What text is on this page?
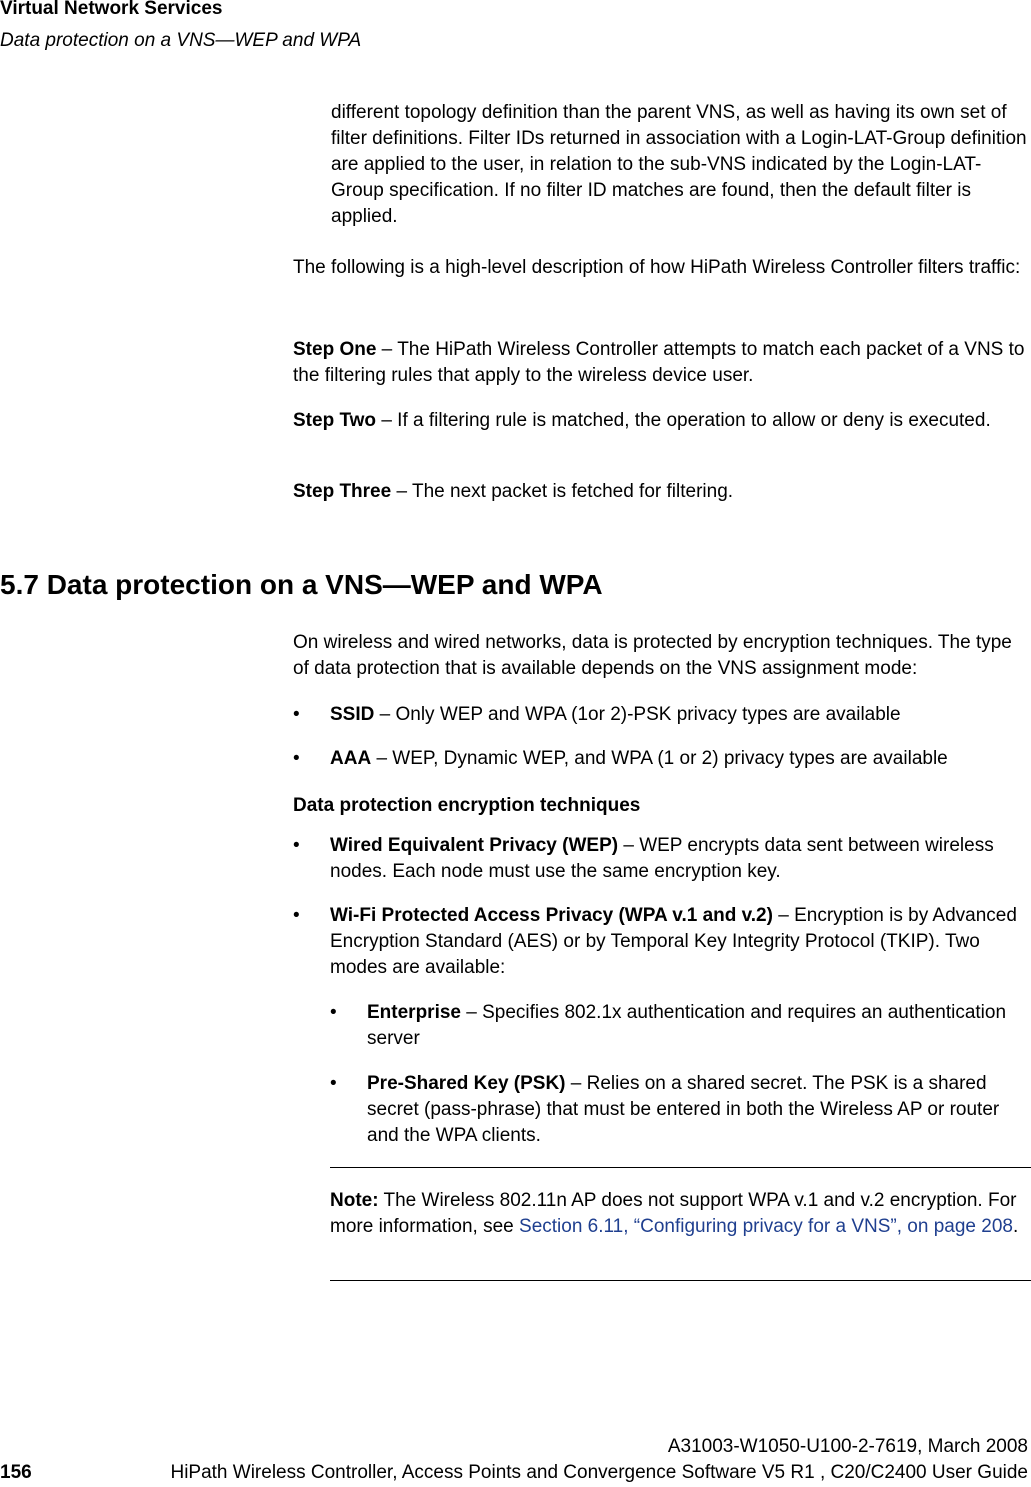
Virtual Network Services
Data protection on a VNS—WEP and WPA

different topology definition than the parent VNS, as well as having its own set of filter definitions. Filter IDs returned in association with a Login-LAT-Group definition are applied to the user, in relation to the sub-VNS indicated by the Login-LAT-Group specification. If no filter ID matches are found, then the default filter is applied.

The following is a high-level description of how HiPath Wireless Controller filters traffic:

Step One – The HiPath Wireless Controller attempts to match each packet of a VNS to the filtering rules that apply to the wireless device user.

Step Two – If a filtering rule is matched, the operation to allow or deny is executed.

Step Three – The next packet is fetched for filtering.

5.7 Data protection on a VNS—WEP and WPA

On wireless and wired networks, data is protected by encryption techniques. The type of data protection that is available depends on the VNS assignment mode:

• SSID – Only WEP and WPA (1or 2)-PSK privacy types are available

• AAA – WEP, Dynamic WEP, and WPA (1 or 2) privacy types are available

Data protection encryption techniques
• Wired Equivalent Privacy (WEP) – WEP encrypts data sent between wireless nodes. Each node must use the same encryption key.

• Wi-Fi Protected Access Privacy (WPA v.1 and v.2) – Encryption is by Advanced Encryption Standard (AES) or by Temporal Key Integrity Protocol (TKIP). Two modes are available:

• Enterprise – Specifies 802.1x authentication and requires an authentication server

• Pre-Shared Key (PSK) – Relies on a shared secret. The PSK is a shared secret (pass-phrase) that must be entered in both the Wireless AP or router and the WPA clients.

Note: The Wireless 802.11n AP does not support WPA v.1 and v.2 encryption. For more information, see Section 6.11, “Configuring privacy for a VNS”, on page 208.

A31003-W1050-U100-2-7619, March 2008
156	HiPath Wireless Controller, Access Points and Convergence Software V5 R1 , C20/C2400 User Guide
